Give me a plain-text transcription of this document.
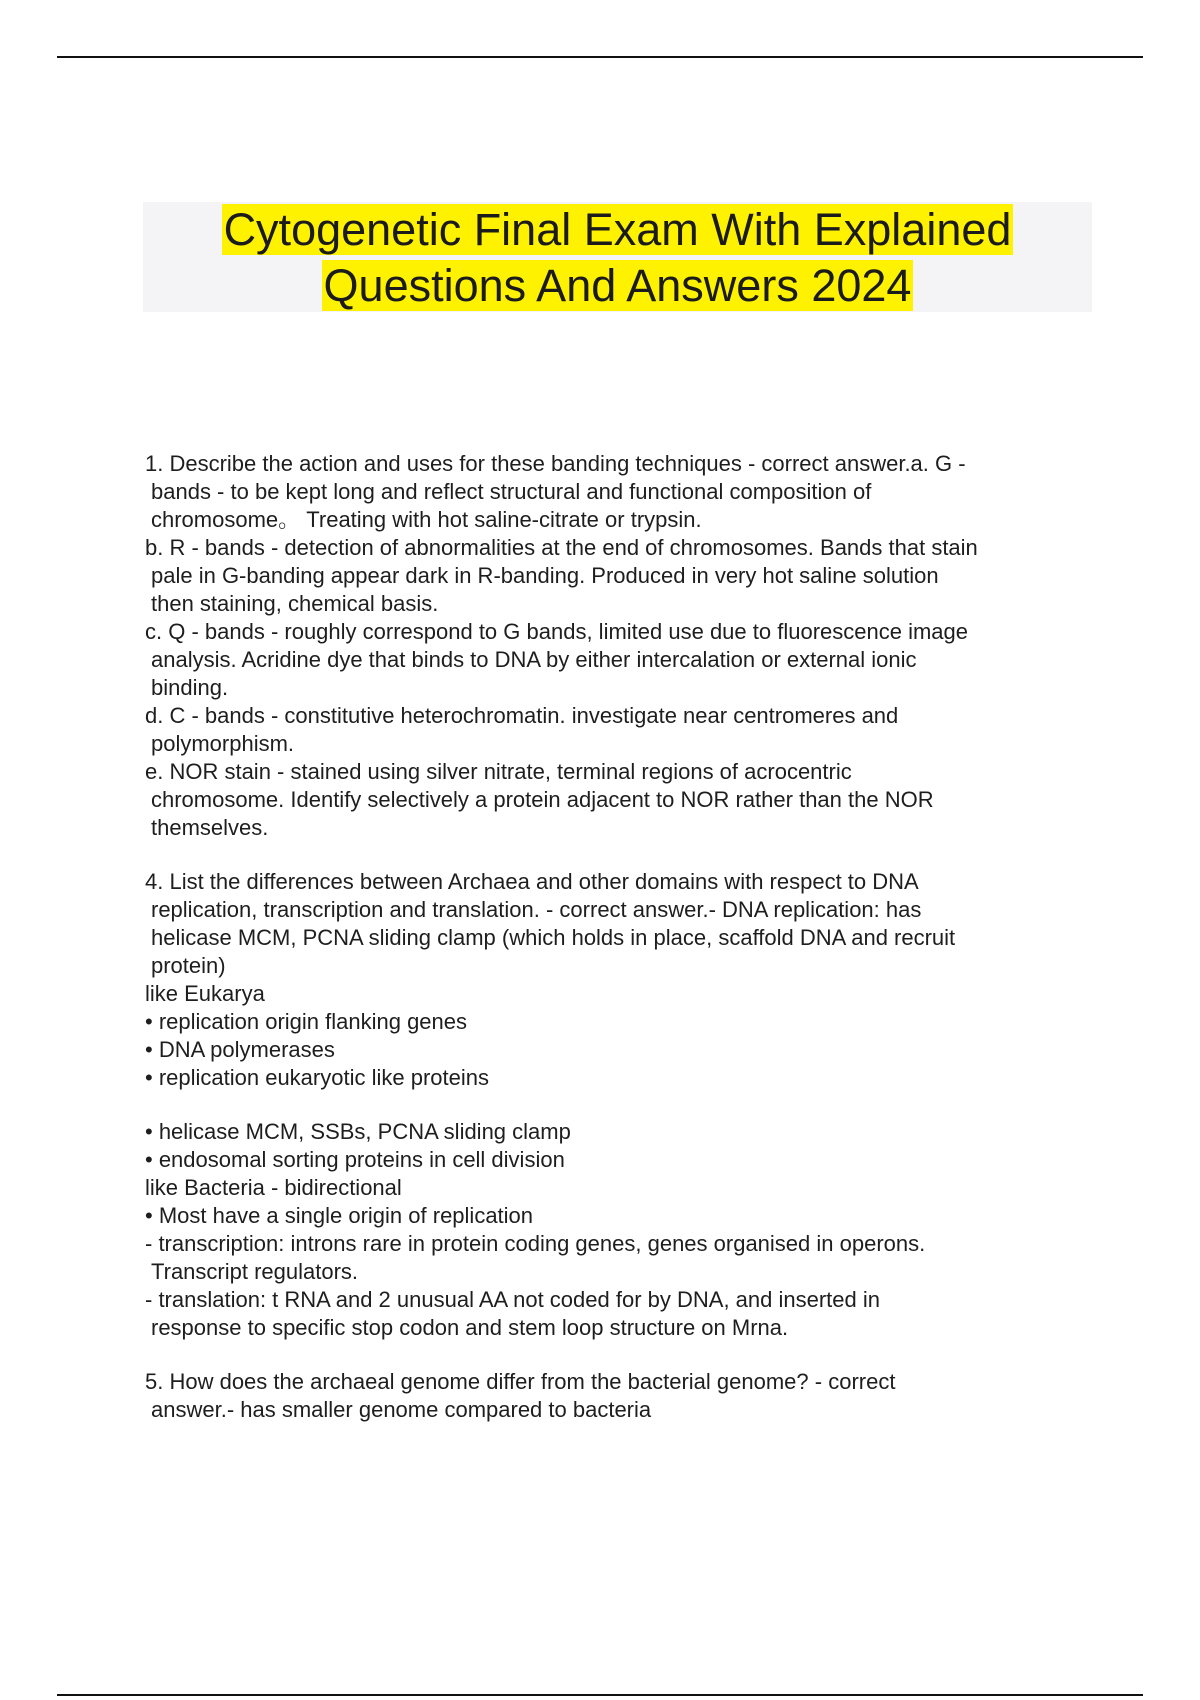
Cytogenetic Final Exam With Explained
Questions And Answers 2024

1. Describe the action and uses for these banding techniques - correct answer.a. G -
bands - to be kept long and reflect structural and functional composition of
chromosome。 Treating with hot saline-citrate or trypsin.

b. R - bands - detection of abnormalities at the end of chromosomes. Bands that stain
pale in G-banding appear dark in R-banding. Produced in very hot saline solution
then staining, chemical basis.

c. Q - bands - roughly correspond to G bands, limited use due to fluorescence image
analysis. Acridine dye that binds to DNA by either intercalation or external ionic
binding.

d. C - bands - constitutive heterochromatin. investigate near centromeres and
polymorphism.

e. NOR stain - stained using silver nitrate, terminal regions of acrocentric
chromosome. Identify selectively a protein adjacent to NOR rather than the NOR
themselves.

4. List the differences between Archaea and other domains with respect to DNA
replication, transcription and translation. - correct answer.- DNA replication: has
helicase MCM, PCNA sliding clamp (which holds in place, scaffold DNA and recruit
protein)

like Eukarya

• replication origin flanking genes

• DNA polymerases

• replication eukaryotic like proteins

• helicase MCM, SSBs, PCNA sliding clamp

• endosomal sorting proteins in cell division

like Bacteria - bidirectional

• Most have a single origin of replication

- transcription: introns rare in protein coding genes, genes organised in operons.
Transcript regulators.

- translation: t RNA and 2 unusual AA not coded for by DNA, and inserted in
response to specific stop codon and stem loop structure on Mrna.

5. How does the archaeal genome differ from the bacterial genome? - correct
answer.- has smaller genome compared to bacteria
